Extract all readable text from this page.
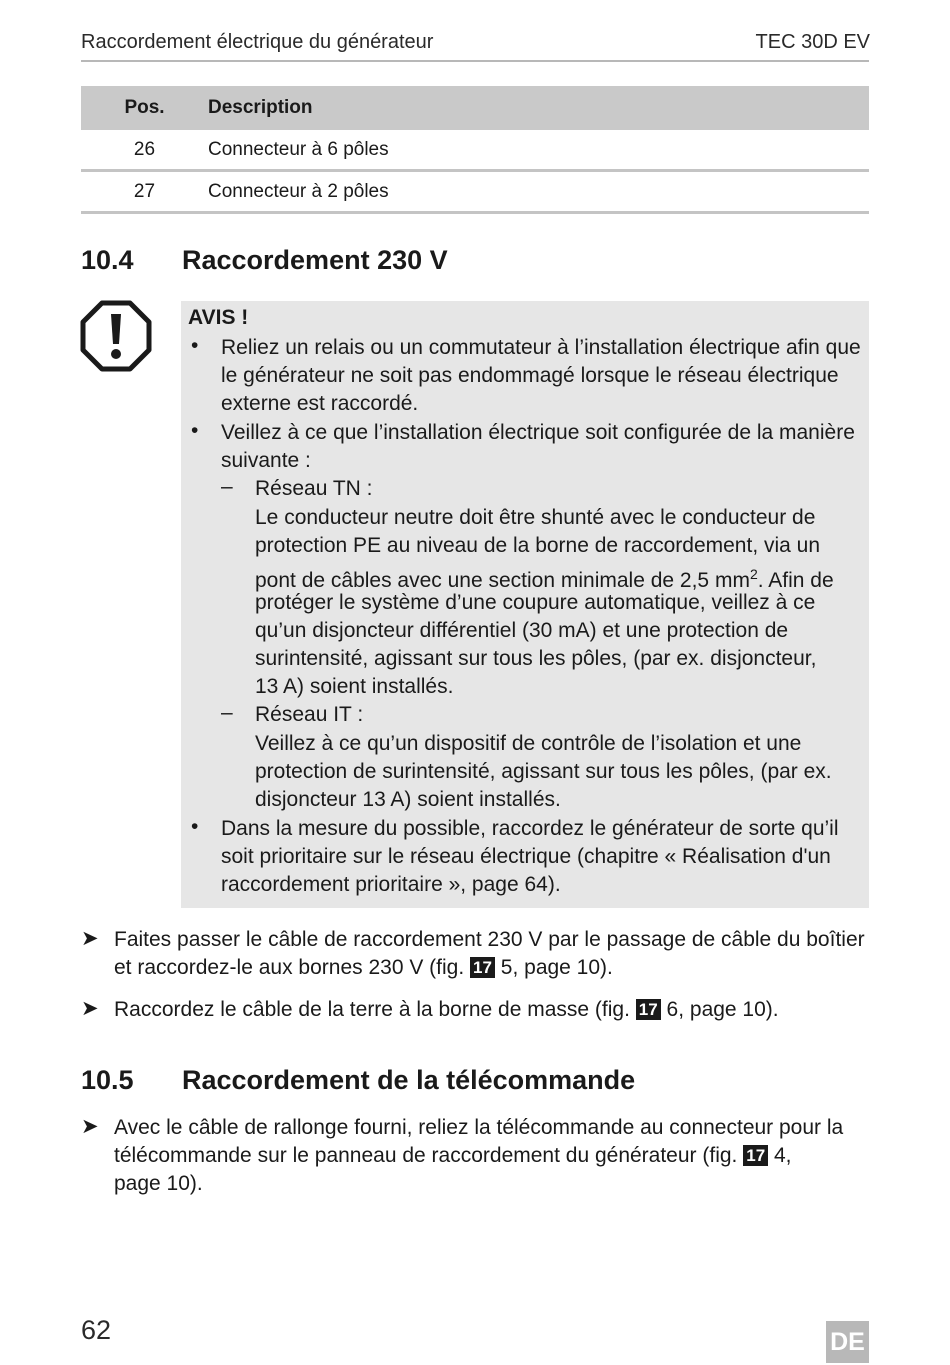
Raccordement électrique du générateur	TEC 30D EV
Pos.	Description
26	Connecteur à 6 pôles
27	Connecteur à 2 pôles
10.4 Raccordement 230 V
AVIS !
• Reliez un relais ou un commutateur à l’installation électrique afin que
le générateur ne soit pas endommagé lorsque le réseau électrique
externe est raccordé.
• Veillez à ce que l’installation électrique soit configurée de la manière
suivante :
– Réseau TN :
Le conducteur neutre doit être shunté avec le conducteur de
protection PE au niveau de la borne de raccordement, via un
pont de câbles avec une section minimale de 2,5 $mm^2$. Afin de
protéger le système d’une coupure automatique, veillez à ce
qu’un disjoncteur différentiel (30 mA) et une protection de
surintensité, agissant sur tous les pôles, (par ex. disjoncteur,
13 A) soient installés.
– Réseau IT :
Veillez à ce qu’un dispositif de contrôle de l’isolation et une
protection de surintensité, agissant sur tous les pôles, (par ex.
disjoncteur 13 A) soient installés.
• Dans la mesure du possible, raccordez le générateur de sorte qu’il
soit prioritaire sur le réseau électrique (chapitre « Réalisation d'un
raccordement prioritaire », page 64).
➤ Faites passer le câble de raccordement 230 V par le passage de câble du boîtier
et raccordez-le aux bornes 230 V (fig. 17 5, page 10).
➤ Raccordez le câble de la terre à la borne de masse (fig. 17 6, page 10).
10.5 Raccordement de la télécommande
➤ Avec le câble de rallonge fourni, reliez la télécommande au connecteur pour la
télécommande sur le panneau de raccordement du générateur (fig. 17 4,
page 10).
62	DE
